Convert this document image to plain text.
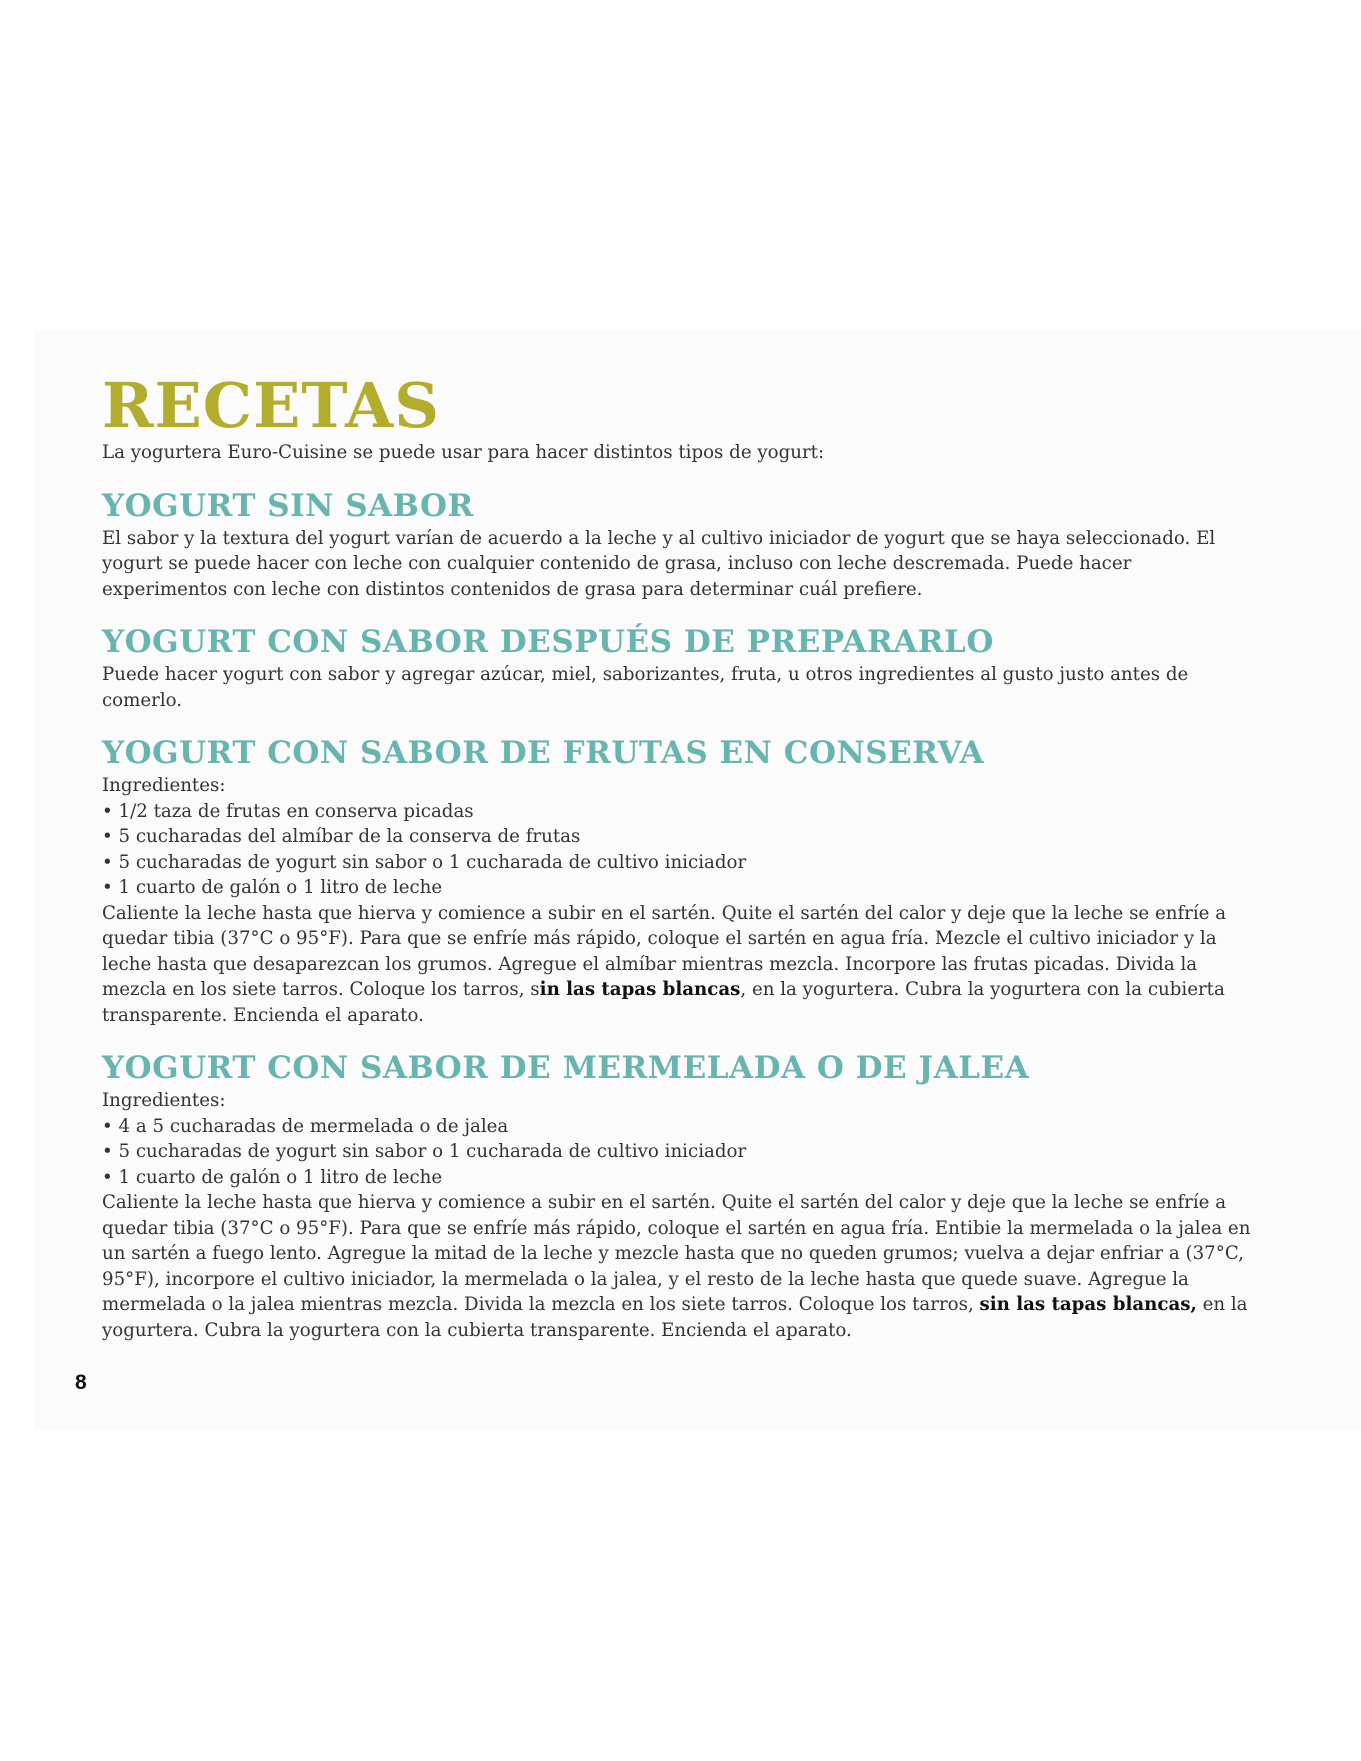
RECETAS

La yogurtera Euro-Cuisine se puede usar para hacer distintos tipos de yogurt:

YOGURT SIN SABOR

El sabor y la textura del yogurt varían de acuerdo a la leche y al cultivo iniciador de yogurt que se haya seleccionado. El yogurt se puede hacer con leche con cualquier contenido de grasa, incluso con leche descremada. Puede hacer experimentos con leche con distintos contenidos de grasa para determinar cuál prefiere.

YOGURT CON SABOR DESPUÉS DE PREPARARLO

Puede hacer yogurt con sabor y agregar azúcar, miel, saborizantes, fruta, u otros ingredientes al gusto justo antes de comerlo.

YOGURT CON SABOR DE FRUTAS EN CONSERVA

Ingredientes:

• 1/2 taza de frutas en conserva picadas
• 5 cucharadas del almíbar de la conserva de frutas
• 5 cucharadas de yogurt sin sabor o 1 cucharada de cultivo iniciador
• 1 cuarto de galón o 1 litro de leche

Caliente la leche hasta que hierva y comience a subir en el sartén. Quite el sartén del calor y deje que la leche se enfríe a quedar tibia (37°C o 95°F). Para que se enfríe más rápido, coloque el sartén en agua fría. Mezcle el cultivo iniciador y la leche hasta que desaparezcan los grumos. Agregue el almíbar mientras mezcla. Incorpore las frutas picadas. Divida la mezcla en los siete tarros. Coloque los tarros, sin las tapas blancas, en la yogurtera. Cubra la yogurtera con la cubierta transparente. Encienda el aparato.

YOGURT CON SABOR DE MERMELADA O DE JALEA

Ingredientes:

• 4 a 5 cucharadas de mermelada o de jalea
• 5 cucharadas de yogurt sin sabor o 1 cucharada de cultivo iniciador
• 1 cuarto de galón o 1 litro de leche

Caliente la leche hasta que hierva y comience a subir en el sartén. Quite el sartén del calor y deje que la leche se enfríe a quedar tibia (37°C o 95°F). Para que se enfríe más rápido, coloque el sartén en agua fría. Entibie la mermelada o la jalea en un sartén a fuego lento. Agregue la mitad de la leche y mezcle hasta que no queden grumos; vuelva a dejar enfriar a (37°C, 95°F), incorpore el cultivo iniciador, la mermelada o la jalea, y el resto de la leche hasta que quede suave. Agregue la mermelada o la jalea mientras mezcla. Divida la mezcla en los siete tarros. Coloque los tarros, sin las tapas blancas, en la yogurtera. Cubra la yogurtera con la cubierta transparente. Encienda el aparato.

8
